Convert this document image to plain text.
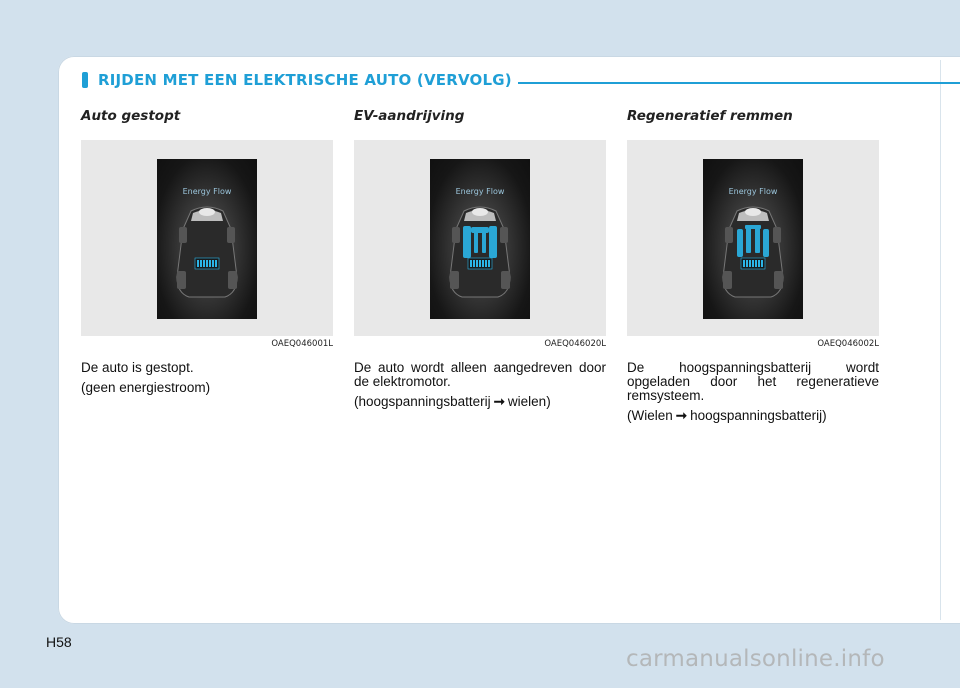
RIJDEN MET EEN ELEKTRISCHE AUTO (VERVOLG)

Auto gestopt

Energy Flow
OAEQ046001L

De auto is gestopt.

(geen energiestroom)

EV-aandrijving

Energy Flow
OAEQ046020L

De auto wordt alleen aangedreven door de elektromotor.

(hoogspanningsbatterij ➞ wielen)

Regeneratief remmen

Energy Flow
OAEQ046002L

De hoogspanningsbatterij wordt opgeladen door het regeneratieve remsysteem.

(Wielen ➞ hoogspanningsbatterij)

H58
carmanualsonline.info
